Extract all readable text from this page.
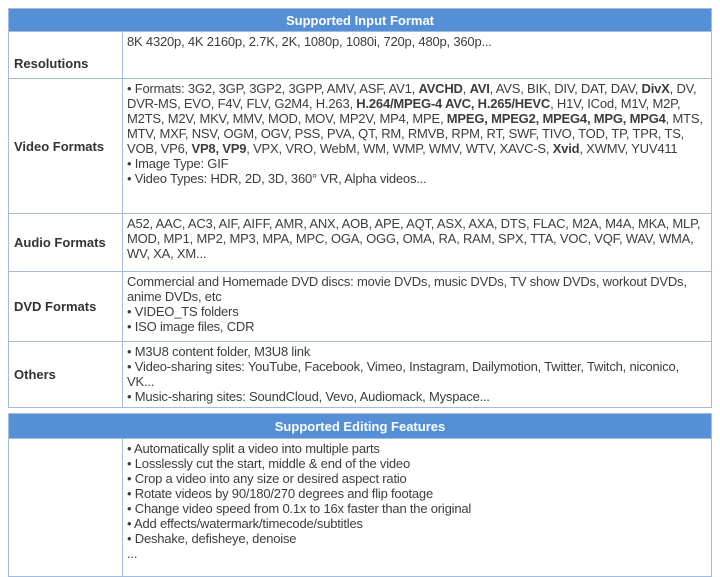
Supported Input Format	
Resolutions	8K 4320p, 4K 2160p, 2.7K, 2K, 1080p, 1080i, 720p, 480p, 360p...

Video Formats	• Formats: 3G2, 3GP, 3GP2, 3GPP, AMV, ASF, AV1, AVCHD, AVI, AVS, BIK, DIV, DAT, DAV, DivX, DV, DVR-MS, EVO, F4V, FLV, G2M4, H.263, H.264/MPEG-4 AVC, H.265/HEVC, H1V, ICod, M1V, M2P, M2TS, M2V, MKV, MMV, MOD, MOV, MP2V, MP4, MPE, MPEG, MPEG2, MPEG4, MPG, MPG4, MTS, MTV, MXF, NSV, OGM, OGV, PSS, PVA, QT, RM, RMVB, RPM, RT, SWF, TIVO, TOD, TP, TPR, TS, VOB, VP6, VP8, VP9, VPX, VRO, WebM, WM, WMP, WMV, WTV, XAVC-S, Xvid, XWMV, YUV411
• Image Type: GIF
• Video Types: HDR, 2D, 3D, 360° VR, Alpha videos...

Audio Formats	A52, AAC, AC3, AIF, AIFF, AMR, ANX, AOB, APE, AQT, ASX, AXA, DTS, FLAC, M2A, M4A, MKA, MLP, MOD, MP1, MP2, MP3, MPA, MPC, OGA, OGG, OMA, RA, RAM, SPX, TTA, VOC, VQF, WAV, WMA, WV, XA, XM...

DVD Formats	Commercial and Homemade DVD discs: movie DVDs, music DVDs, TV show DVDs, workout DVDs, anime DVDs, etc
• VIDEO_TS folders
• ISO image files, CDR

Others	• M3U8 content folder, M3U8 link
• Video-sharing sites: YouTube, Facebook, Vimeo, Instagram, Dailymotion, Twitter, Twitch, niconico, VK...
• Music-sharing sites: SoundCloud, Vevo, Audiomack, Myspace...
Supported Editing Features

• Automatically split a video into multiple parts
• Losslessly cut the start, middle & end of the video
• Crop a video into any size or desired aspect ratio
• Rotate videos by 90/180/270 degrees and flip footage
• Change video speed from 0.1x to 16x faster than the original
• Add effects/watermark/timecode/subtitles
• Deshake, defisheye, denoise
...
